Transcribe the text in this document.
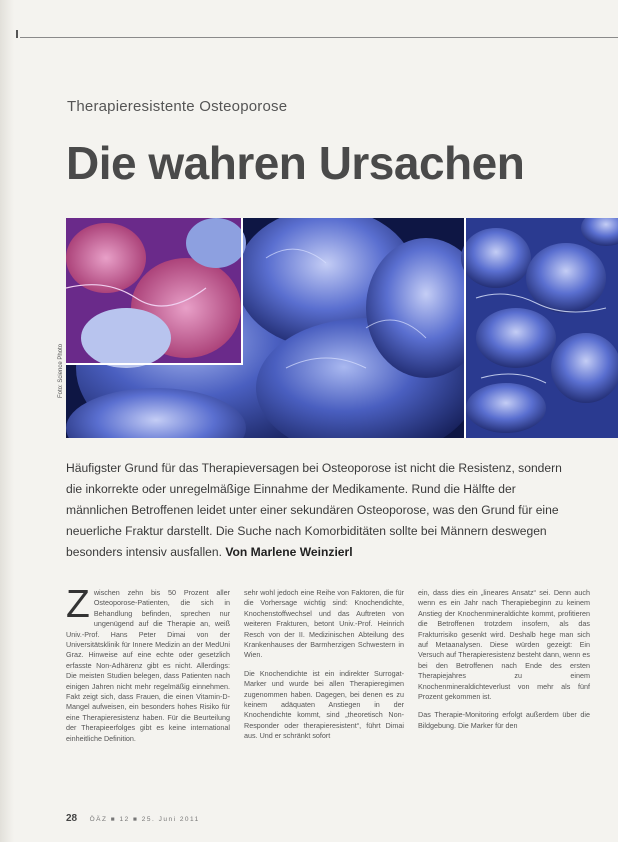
Therapieresistente Osteoporose
Die wahren Ursachen
Foto: Science Photo
Häufigster Grund für das Therapieversagen bei Osteoporose ist nicht die Resistenz, sondern die inkorrekte oder unregelmäßige Einnahme der Medikamente. Rund die Hälfte der männlichen Betroffenen leidet unter einer sekundären Osteoporose, was den Grund für eine neuerliche Fraktur darstellt. Die Suche nach Komorbiditäten sollte bei Männern deswegen besonders intensiv ausfallen. Von Marlene Weinzierl

Zwischen zehn bis 50 Prozent aller Osteoporose-Patienten, die sich in Behandlung befinden, sprechen nur ungenügend auf die Therapie an, weiß Univ.-Prof. Hans Peter Dimai von der Universitätsklinik für Innere Medizin an der MedUni Graz. Hinweise auf eine echte oder gesetzlich erfasste Non-Adhärenz gibt es nicht. Allerdings: Die meisten Studien belegen, dass Patienten nach einigen Jahren nicht mehr regelmäßig einnehmen. Fakt zeigt sich, dass Frauen, die einen Vitamin-D-Mangel aufweisen, ein besonders hohes Risiko für eine Therapieresistenz haben. Für die Beurteilung der Therapieerfolges gibt es keine international einheitliche Definition.

sehr wohl jedoch eine Reihe von Faktoren, die für die Vorhersage wichtig sind: Knochendichte, Knochenstoffwechsel und das Auftreten von weiteren Frakturen, betont Univ.-Prof. Heinrich Resch von der II. Medizinischen Abteilung des Krankenhauses der Barmherzigen Schwestern in Wien.

Die Knochendichte ist ein indirekter Surrogat-Marker und wurde bei allen Therapieregimen zugenommen haben. Dagegen, bei denen es zu keinem adäquaten Anstiegen in der Knochendichte kommt, sind „theoretisch Non-Responder oder therapieresistent“, führt Dimai aus. Und er schränkt sofort

ein, dass dies ein „lineares Ansatz“ sei. Denn auch wenn es ein Jahr nach Therapiebeginn zu keinem Anstieg der Knochenmineraldichte kommt, profitieren die Betroffenen trotzdem insofern, als das Frakturrisiko gesenkt wird. Deshalb hege man sich auf Metaanalysen. Diese würden gezeigt: Ein Versuch auf Therapieresistenz besteht dann, wenn es bei den Betroffenen nach Ende des ersten Therapiejahres zu einem Knochenmineraldichteverlust von mehr als fünf Prozent gekommen ist.

Das Therapie-Monitoring erfolgt außerdem über die Bildgebung. Die Marker für den

28 ÖÄZ ■ 12 ■ 25. Juni 2011
